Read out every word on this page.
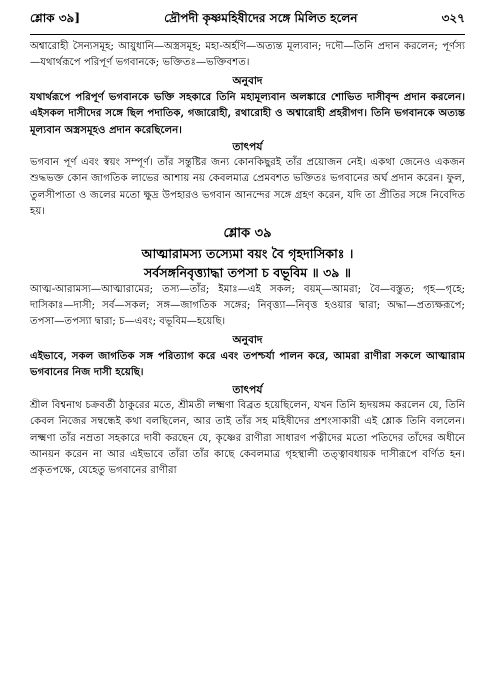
শ্লোক ৩৯]	দ্রৌপদী কৃষ্ণমহিষীদের সঙ্গে মিলিত হলেন	৩২৭

অশ্বারোহী সৈন্যসমূহ; আয়ুধানি—অস্ত্রসমূহ; মহা-অর্হণি—অত্যন্ত মূল্যবান; দদৌ—তিনি প্রদান করলেন; পূর্ণস্য—যথার্থরূপে পরিপূর্ণ ভগবানকে; ভক্তিতঃ—ভক্তিবশত।

অনুবাদ

যথার্থরূপে পরিপূর্ণ ভগবানকে ভক্তি সহকারে তিনি মহামূল্যবান অলঙ্কারে শোভিত দাসীবৃন্দ প্রদান করলেন। এইসকল দাসীদের সঙ্গে ছিল পদাতিক, গজারোহী, রথারোহী ও অশ্বারোহী প্রহরীগণ। তিনি ভগবানকে অত্যন্ত মূল্যবান অস্ত্রসমূহও প্রদান করেছিলেন।

তাৎপর্য

ভগবান পূর্ণ এবং স্বয়ং সম্পূর্ণ। তাঁর সন্তুষ্টির জন্য কোনকিছুরই তাঁর প্রয়োজন নেই। একথা জেনেও একজন শুদ্ধভক্ত কোন জাগতিক লাভের আশায় নয় কেবলমাত্র প্রেমবশত ভক্তিতঃ ভগবানের অর্ঘ প্রদান করেন। ফুল, তুলসীপাতা ও জলের মতো ক্ষুদ্র উপহারও ভগবান আনন্দের সঙ্গে গ্রহণ করেন, যদি তা প্রীতির সঙ্গে নিবেদিত হয়।

শ্লোক ৩৯

আত্মারামস্য তস্যেমা বয়ং বৈ গৃহদাসিকাঃ ।

সর্বসঙ্গনিবৃত্ত্যাদ্ধা তপসা চ বভূবিম ॥ ৩৯ ॥

আত্ম-আরামস্য—আত্মারামের; তস্য—তাঁর; ইমাঃ—এই সকল; বয়ম্—আমরা; বৈ—বস্তুত; গৃহ—গৃহে; দাসিকাঃ—দাসী; সর্ব—সকল; সঙ্গ—জাগতিক সঙ্গের; নিবৃত্ত্যা—নিবৃত্ত হওয়ার দ্বারা; অদ্ধা—প্রত্যক্ষরূপে; তপসা—তপস্যা দ্বারা; চ—এবং; বভূবিম—হয়েছি।

অনুবাদ

এইভাবে, সকল জাগতিক সঙ্গ পরিত্যাগ করে এবং তপশ্চর্যা পালন করে, আমরা রাণীরা সকলে আত্মারাম ভগবানের নিজ দাসী হয়েছি।

তাৎপর্য

শ্রীল বিশ্বনাথ চক্রবর্তী ঠাকুরের মতে, শ্রীমতী লক্ষ্মণা বিব্রত হয়েছিলেন, যখন তিনি হৃদয়ঙ্গম করলেন যে, তিনি কেবল নিজের সম্বন্ধেই কথা বলছিলেন, আর তাই তাঁর সহ মহিষীদের প্রশংসাকারী এই শ্লোক তিনি বললেন। লক্ষ্মণা তাঁর নম্রতা সহকারে দাবী করছেন যে, কৃষ্ণের রাণীরা সাধারণ পত্নীদের মতো পতিদের তাঁদের অধীনে আনয়ন করেন না আর এইভাবে তাঁরা তাঁর কাছে কেবলমাত্র গৃহস্থালী তত্ত্বাবধায়ক দাসীরূপে বর্ণিত হন। প্রকৃতপক্ষে, যেহেতু ভগবানের রাণীরা
